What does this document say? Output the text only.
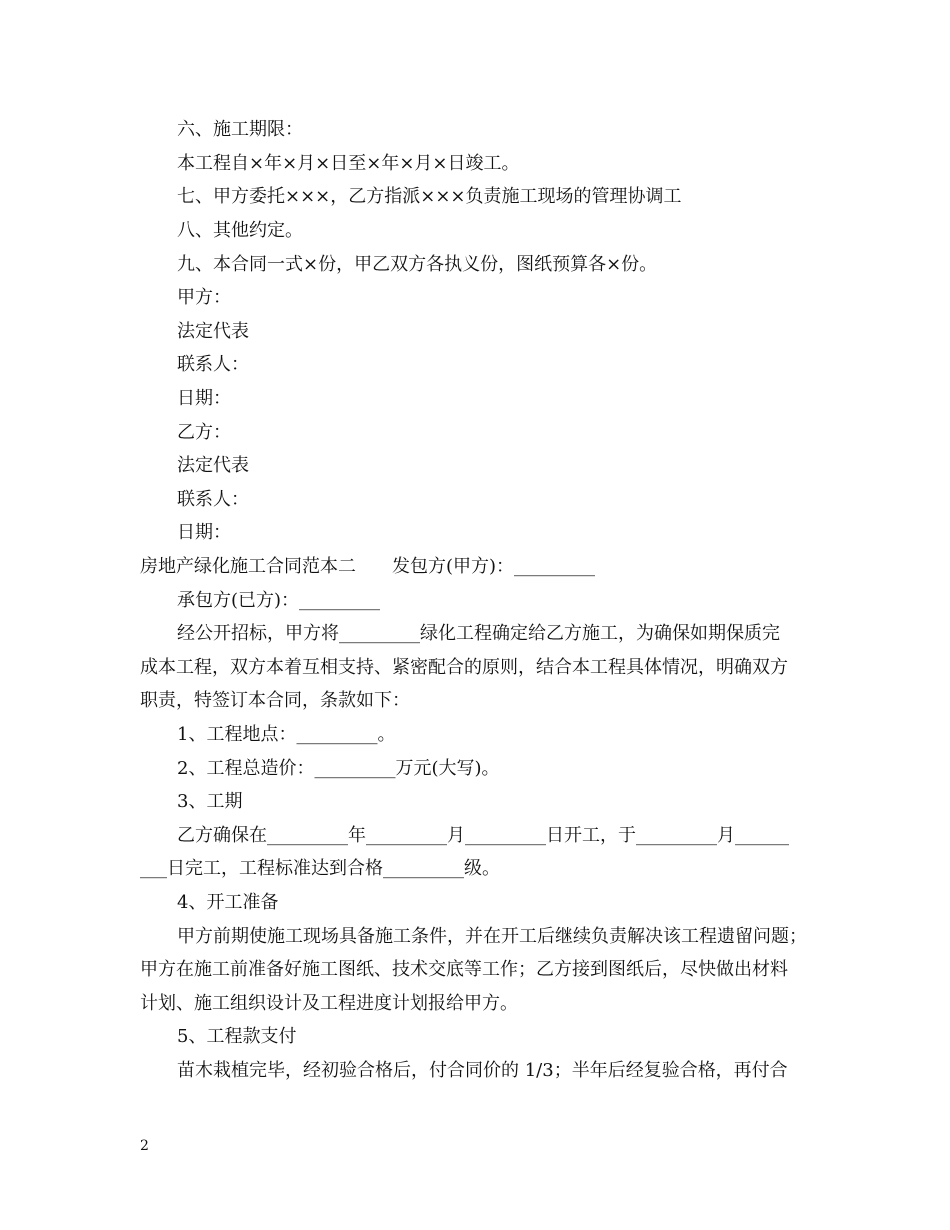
六、施工期限：
本工程自×年×月×日至×年×月×日竣工。
七、甲方委托×××，乙方指派×××负责施工现场的管理协调工
八、其他约定。
九、本合同一式×份，甲乙双方各执义份，图纸预算各×份。
甲方：
法定代表
联系人：
日期：
乙方：
法定代表
联系人：
日期：
房地产绿化施工合同范本二　　发包方(甲方)：_________
承包方(已方)：_________
经公开招标，甲方将_________绿化工程确定给乙方施工，为确保如期保质完
成本工程，双方本着互相支持、紧密配合的原则，结合本工程具体情况，明确双方
职责，特签订本合同，条款如下：
1、工程地点：_________。
2、工程总造价：_________万元(大写)。
3、工期
乙方确保在_________年_________月_________日开工，于_________月______
___日完工，工程标准达到合格_________级。
4、开工准备
甲方前期使施工现场具备施工条件，并在开工后继续负责解决该工程遗留问题；
甲方在施工前准备好施工图纸、技术交底等工作；乙方接到图纸后，尽快做出材料
计划、施工组织设计及工程进度计划报给甲方。
5、工程款支付
苗木栽植完毕，经初验合格后，付合同价的 1/3；半年后经复验合格，再付合
2
